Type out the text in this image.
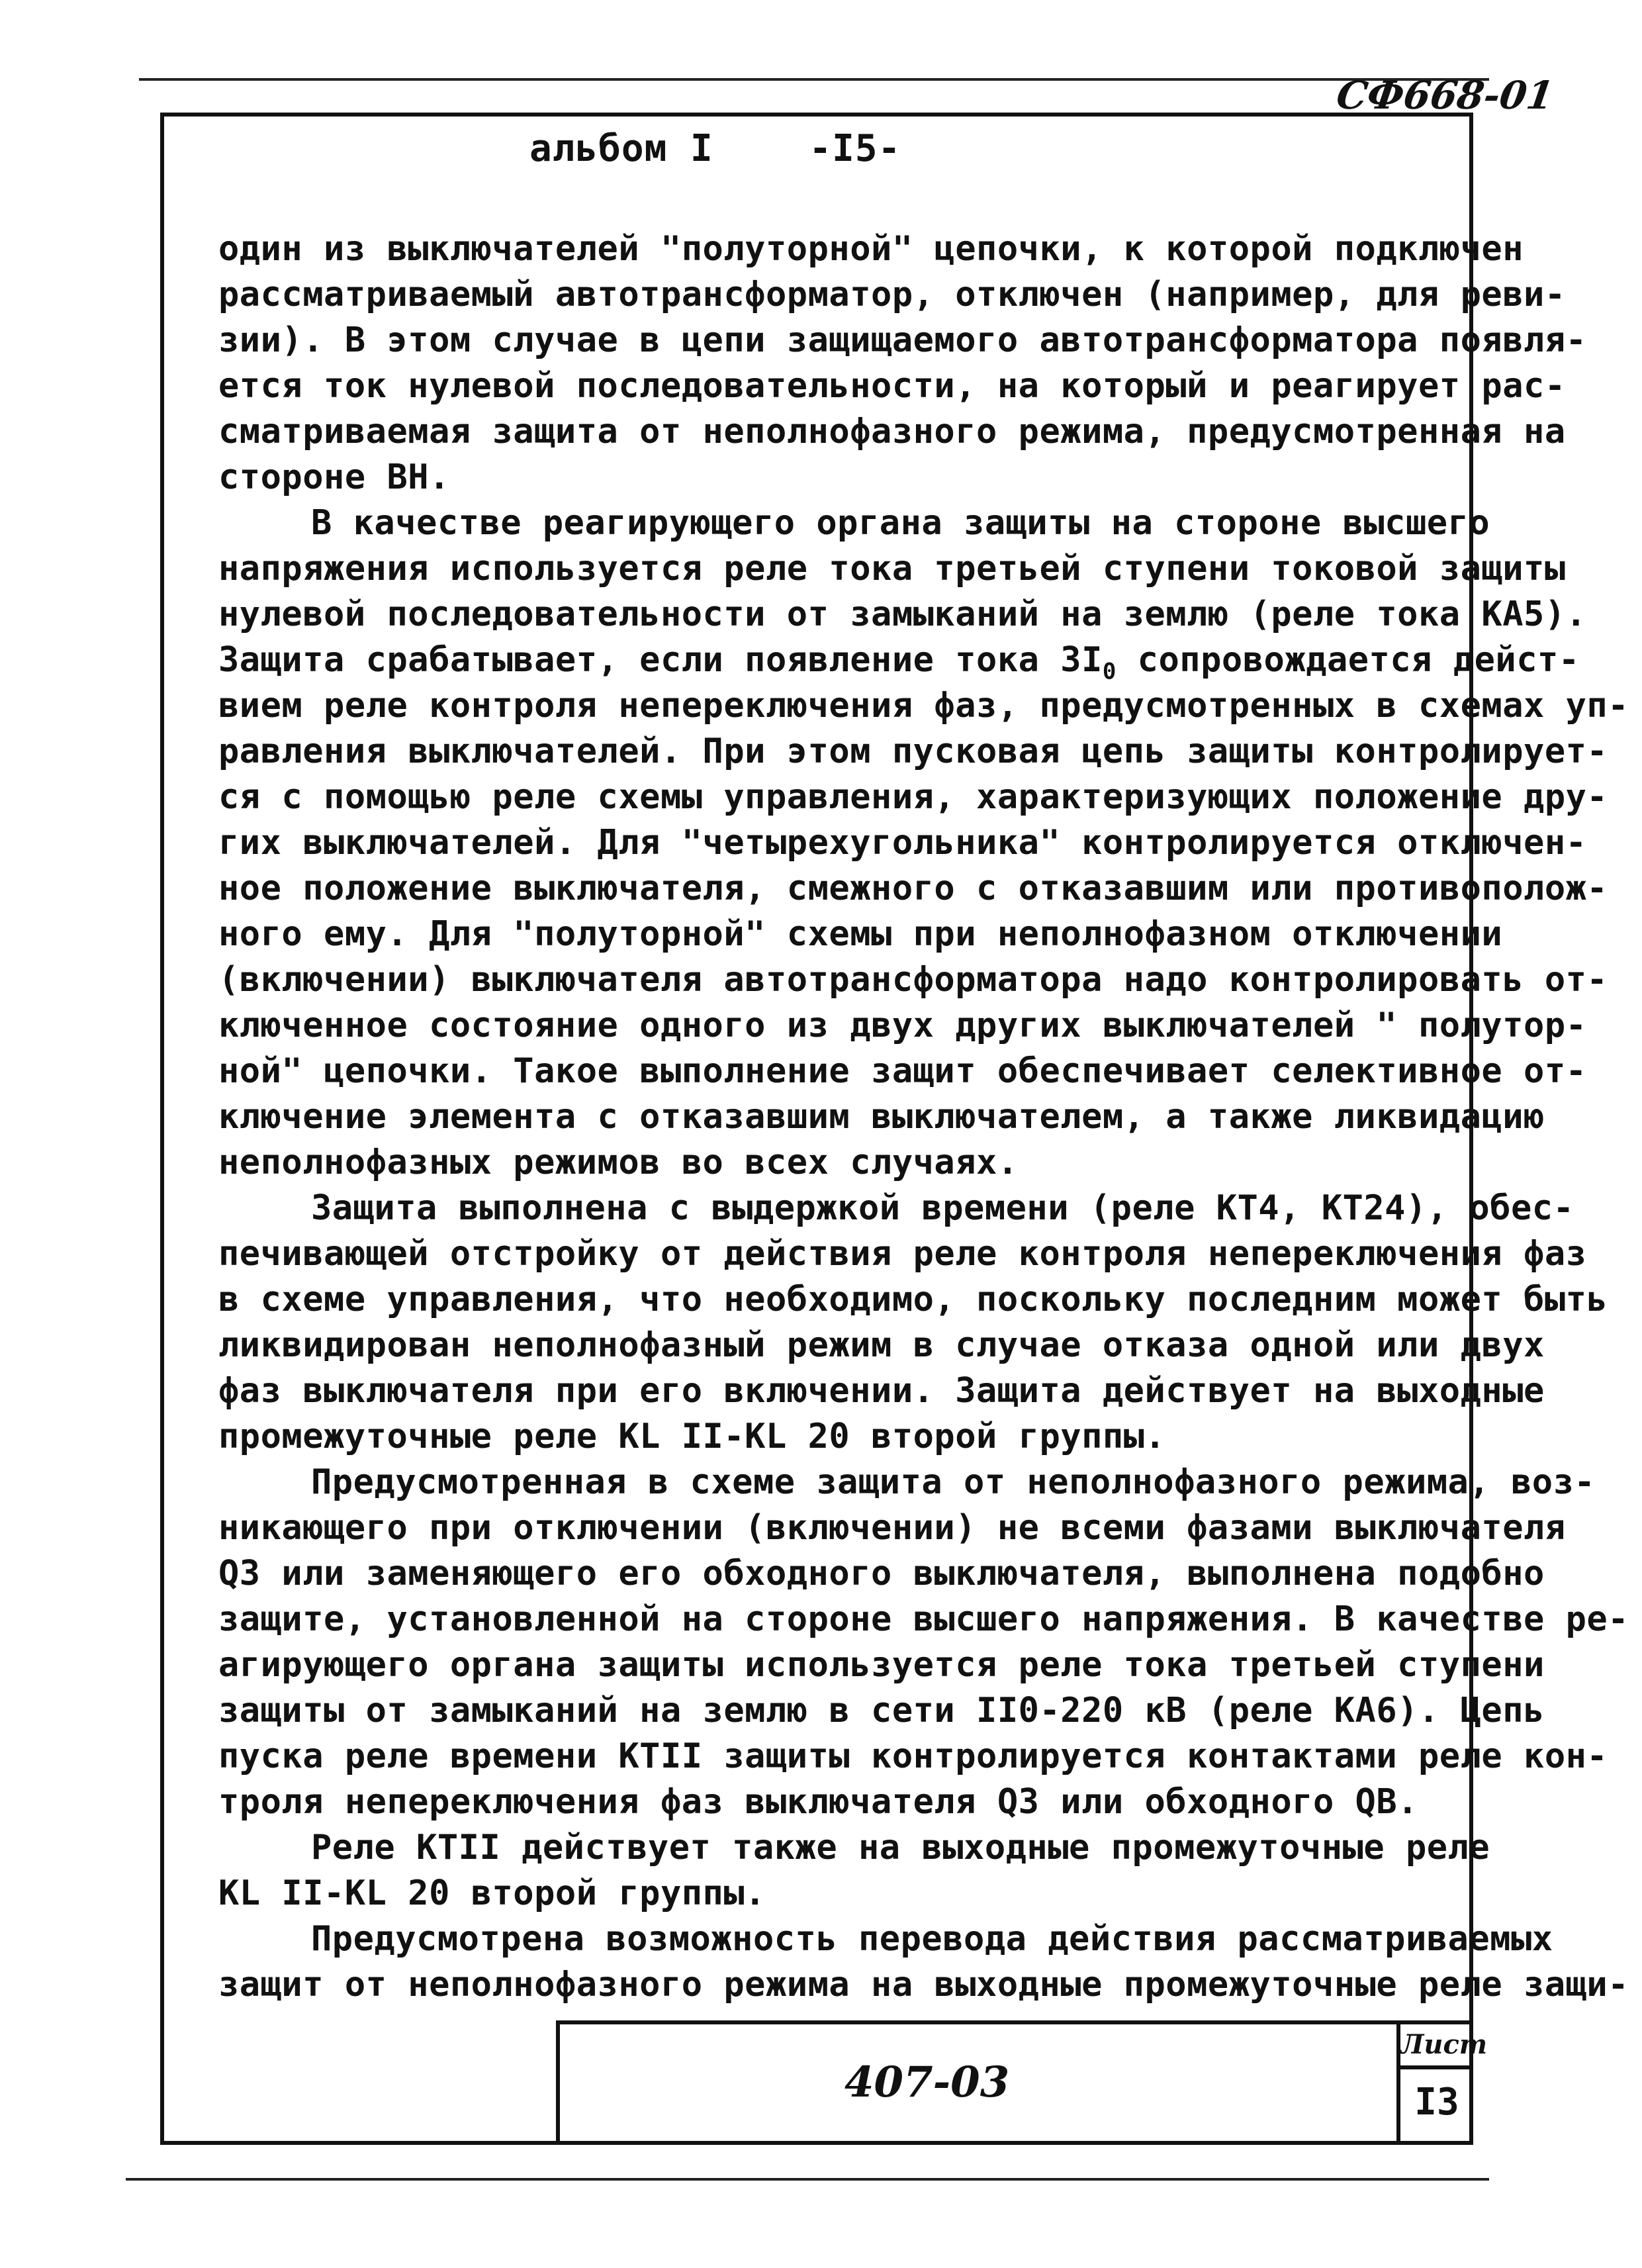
СФ668-01
альбом I	-I5-
один из выключателей "полуторной" цепочки, к которой подключен
рассматриваемый автотрансформатор, отключен (например, для реви-
зии). В этом случае в цепи защищаемого автотрансформатора появля-
ется ток нулевой последовательности, на который и реагирует рас-
сматриваемая защита от неполнофазного режима, предусмотренная на
стороне ВН.
В качестве реагирующего органа защиты на стороне высшего
напряжения используется реле тока третьей ступени токовой защиты
нулевой последовательности от замыканий на землю (реле тока КА5).
Защита срабатывает, если появление тока $3I_0$ сопровождается дейст-
вием реле контроля непереключения фаз, предусмотренных в схемах уп-
равления выключателей. При этом пусковая цепь защиты контролирует-
ся с помощью реле схемы управления, характеризующих положение дру-
гих выключателей. Для "четырехугольника" контролируется отключен-
ное положение выключателя, смежного с отказавшим или противополож-
ного ему. Для "полуторной" схемы при неполнофазном отключении
(включении) выключателя автотрансформатора надо контролировать от-
ключенное состояние одного из двух других выключателей " полутор-
ной" цепочки. Такое выполнение защит обеспечивает селективное от-
ключение элемента с отказавшим выключателем, а также ликвидацию
неполнофазных режимов во всех случаях.
Защита выполнена с выдержкой времени (реле КТ4, КТ24), обес-
печивающей отстройку от действия реле контроля непереключения фаз
в схеме управления, что необходимо, поскольку последним может быть
ликвидирован неполнофазный режим в случае отказа одной или двух
фаз выключателя при его включении. Защита действует на выходные
промежуточные реле KL II-KL 20 второй группы.
Предусмотренная в схеме защита от неполнофазного режима, воз-
никающего при отключении (включении) не всеми фазами выключателя
Q3 или заменяющего его обходного выключателя, выполнена подобно
защите, установленной на стороне высшего напряжения. В качестве ре-
агирующего органа защиты используется реле тока третьей ступени
защиты от замыканий на землю в сети II0-220 кВ (реле КА6). Цепь
пуска реле времени КТII защиты контролируется контактами реле кон-
троля непереключения фаз выключателя Q3 или обходного QВ.
Реле КТII действует также на выходные промежуточные реле
KL II-KL 20 второй группы.
Предусмотрена возможность перевода действия рассматриваемых
защит от неполнофазного режима на выходные промежуточные реле защи-
407-03
Лист
I3
